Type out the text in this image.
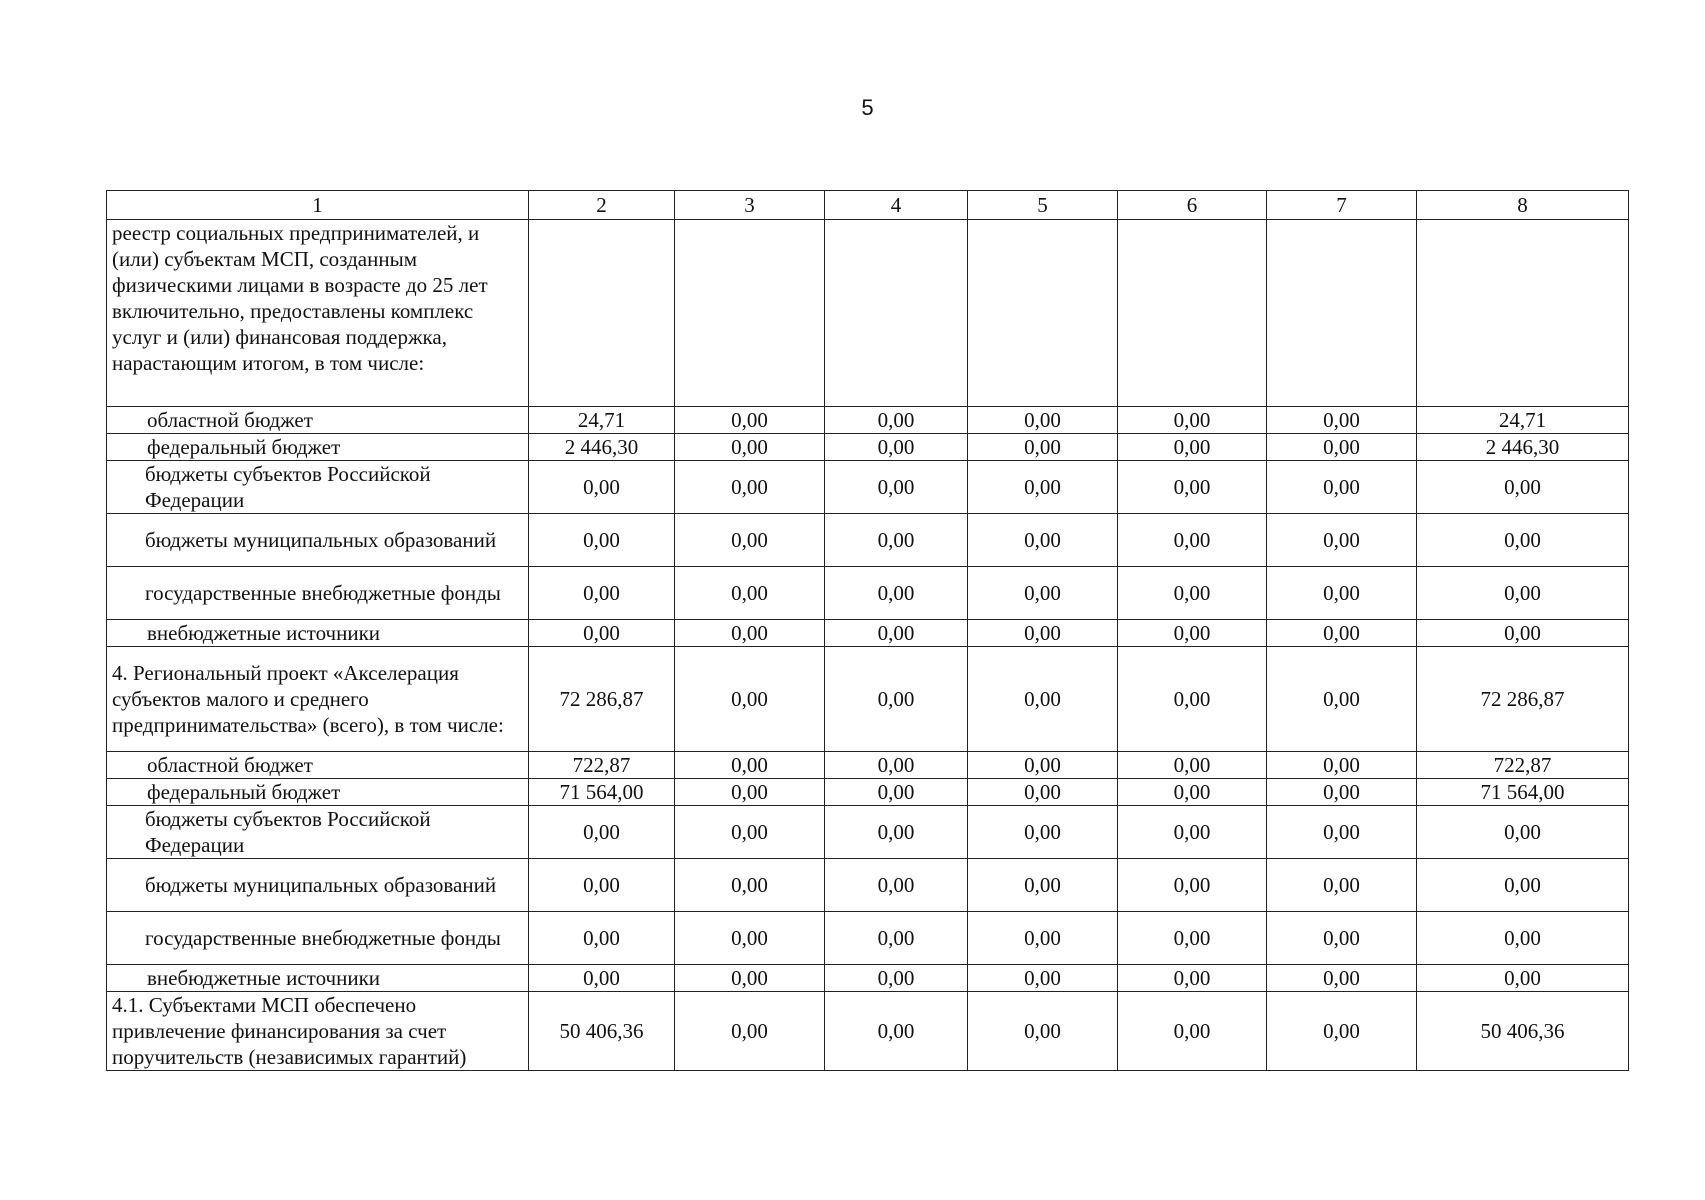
5
1	2	3	4	5	6	7	8
реестр социальных предпринимателей, и (или) субъектам МСП, созданным физическими лицами в возрасте до 25 лет включительно, предоставлены комплекс услуг и (или) финансовая поддержка, нарастающим итогом, в том числе:							
областной бюджет	24,71	0,00	0,00	0,00	0,00	0,00	24,71
федеральный бюджет	2 446,30	0,00	0,00	0,00	0,00	0,00	2 446,30
бюджеты субъектов Российской Федерации	0,00	0,00	0,00	0,00	0,00	0,00	0,00
бюджеты муниципальных образований	0,00	0,00	0,00	0,00	0,00	0,00	0,00
государственные внебюджетные фонды	0,00	0,00	0,00	0,00	0,00	0,00	0,00
внебюджетные источники	0,00	0,00	0,00	0,00	0,00	0,00	0,00
4. Региональный проект «Акселерация субъектов малого и среднего предпринимательства» (всего), в том числе:	72 286,87	0,00	0,00	0,00	0,00	0,00	72 286,87
областной бюджет	722,87	0,00	0,00	0,00	0,00	0,00	722,87
федеральный бюджет	71 564,00	0,00	0,00	0,00	0,00	0,00	71 564,00
бюджеты субъектов Российской Федерации	0,00	0,00	0,00	0,00	0,00	0,00	0,00
бюджеты муниципальных образований	0,00	0,00	0,00	0,00	0,00	0,00	0,00
государственные внебюджетные фонды	0,00	0,00	0,00	0,00	0,00	0,00	0,00
внебюджетные источники	0,00	0,00	0,00	0,00	0,00	0,00	0,00
4.1. Субъектами МСП обеспечено привлечение финансирования за счет поручительств (независимых гарантий)	50 406,36	0,00	0,00	0,00	0,00	0,00	50 406,36
